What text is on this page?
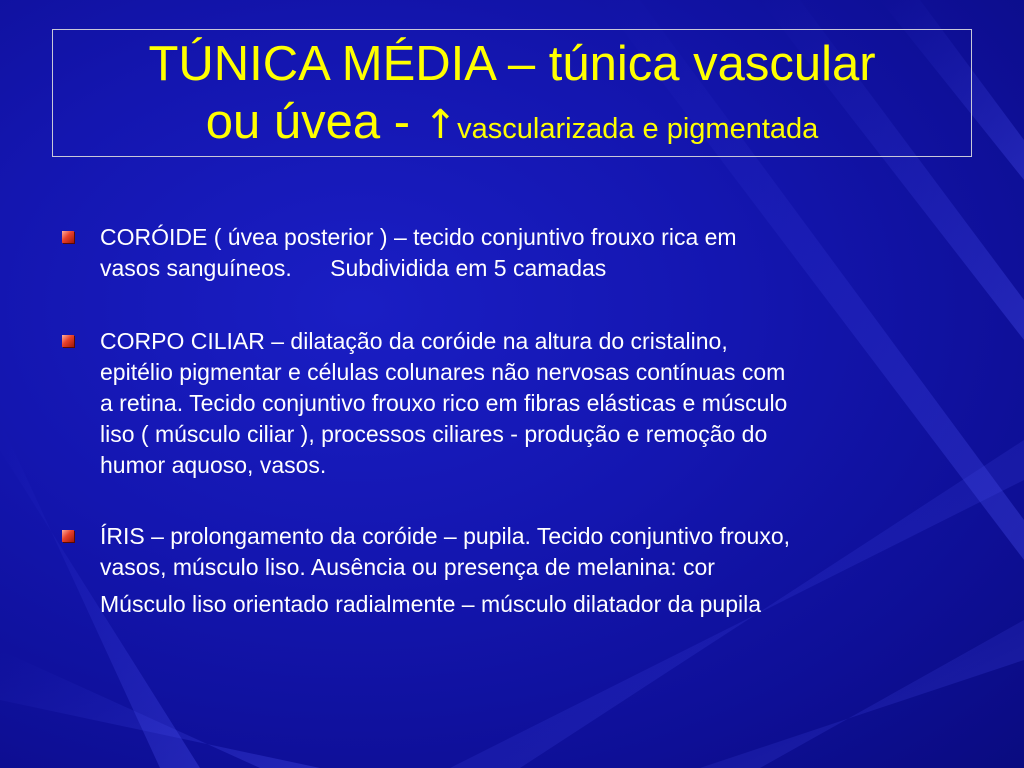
TÚNICA MÉDIA – túnica vascular
ou úvea - ↑vascularizada e pigmentada
CORÓIDE ( úvea posterior ) – tecido conjuntivo frouxo rica em
vasos sanguíneos.      Subdividida em 5 camadas
CORPO CILIAR – dilatação da coróide na altura do cristalino,
epitélio pigmentar e células colunares não nervosas contínuas com
a retina. Tecido conjuntivo frouxo rico em fibras elásticas e músculo
liso ( músculo ciliar ), processos ciliares - produção e remoção do
humor aquoso, vasos.
ÍRIS – prolongamento da coróide – pupila. Tecido conjuntivo frouxo,
vasos, músculo liso. Ausência ou presença de melanina: cor
Músculo liso orientado radialmente – músculo dilatador da pupila
